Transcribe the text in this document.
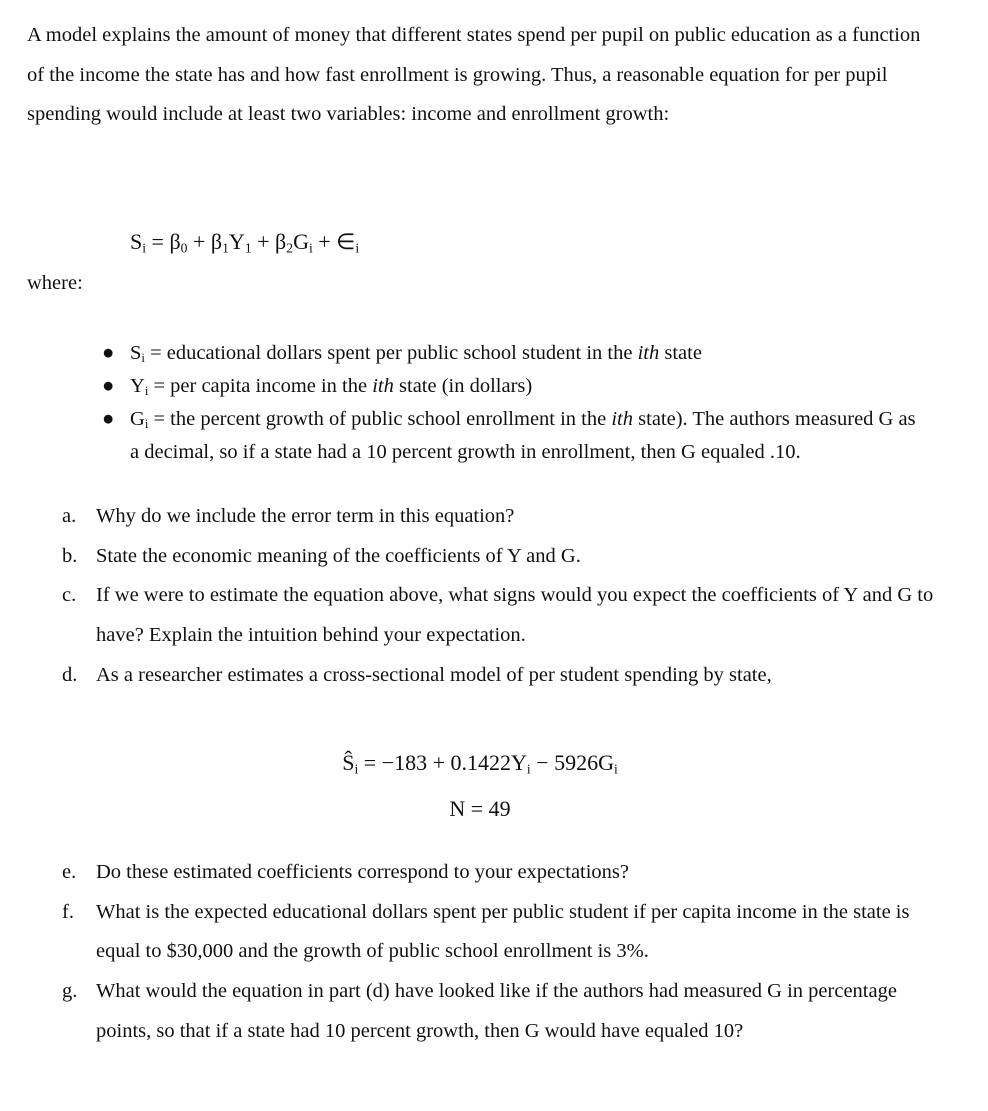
A model explains the amount of money that different states spend per pupil on public education as a function of the income the state has and how fast enrollment is growing. Thus, a reasonable equation for per pupil spending would include at least two variables: income and enrollment growth:
$S_i = \beta_0 + \beta_1Y_1 + \beta_2G_i$ + $\in_i$
where:
● $S_i$ = educational dollars spent per public school student in the ith state
● $Y_i$ = per capita income in the ith state (in dollars)
● $G_i$ = the percent growth of public school enrollment in the ith state). The authors measured G as a decimal, so if a state had a 10 percent growth in enrollment, then G equaled .10.
a. Why do we include the error term in this equation?
b. State the economic meaning of the coefficients of Y and G.
c. If we were to estimate the equation above, what signs would you expect the coefficients of Y and G to have? Explain the intuition behind your expectation.
d. As a researcher estimates a cross-sectional model of per student spending by state,
$Ŝ_i = -183 + 0.1422Y_i - 5926G_i$
N = 49
e. Do these estimated coefficients correspond to your expectations?
f.	What is the expected educational dollars spent per public student if per capita income in the state is equal to $30,000 and the growth of public school enrollment is 3%.
g. What would the equation in part (d) have looked like if the authors had measured G in percentage points, so that if a state had 10 percent growth, then G would have equaled 10?
